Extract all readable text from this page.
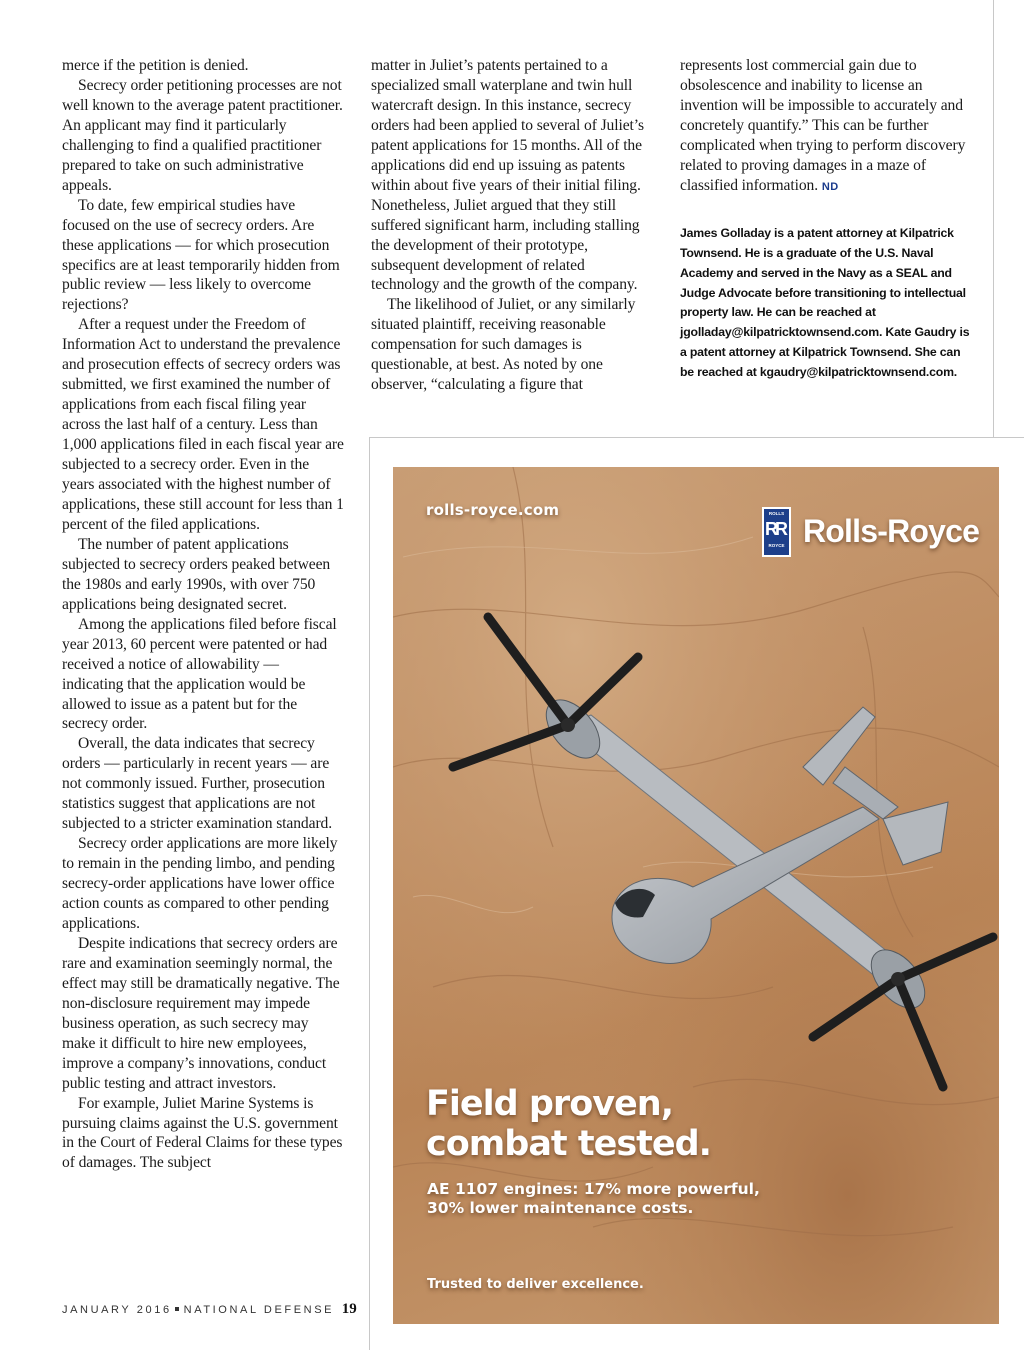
merce if the petition is denied.

Secrecy order petitioning processes are not well known to the average patent practitioner. An applicant may find it particularly challenging to find a qualified practitioner prepared to take on such administrative appeals.

To date, few empirical studies have focused on the use of secrecy orders. Are these applications — for which prosecution specifics are at least temporarily hidden from public review — less likely to overcome rejections?

After a request under the Freedom of Information Act to understand the prevalence and prosecution effects of secrecy orders was submitted, we first examined the number of applications from each fiscal filing year across the last half of a century. Less than 1,000 applications filed in each fiscal year are subjected to a secrecy order. Even in the years associated with the highest number of applications, these still account for less than 1 percent of the filed applications.

The number of patent applications subjected to secrecy orders peaked between the 1980s and early 1990s, with over 750 applications being designated secret.

Among the applications filed before fiscal year 2013, 60 percent were patented or had received a notice of allowability — indicating that the application would be allowed to issue as a patent but for the secrecy order.

Overall, the data indicates that secrecy orders — particularly in recent years — are not commonly issued. Further, prosecution statistics suggest that applications are not subjected to a stricter examination standard.

Secrecy order applications are more likely to remain in the pending limbo, and pending secrecy-order applications have lower office action counts as compared to other pending applications.

Despite indications that secrecy orders are rare and examination seemingly normal, the effect may still be dramatically negative. The non-disclosure requirement may impede business operation, as such secrecy may make it difficult to hire new employees, improve a company’s innovations, conduct public testing and attract investors.

For example, Juliet Marine Systems is pursuing claims against the U.S. government in the Court of Federal Claims for these types of damages. The subject

matter in Juliet’s patents pertained to a specialized small waterplane and twin hull watercraft design. In this instance, secrecy orders had been applied to several of Juliet’s patent applications for 15 months. All of the applications did end up issuing as patents within about five years of their initial filing. Nonetheless, Juliet argued that they still suffered significant harm, including stalling the development of their prototype, subsequent development of related technology and the growth of the company.

The likelihood of Juliet, or any similarly situated plaintiff, receiving reasonable compensation for such damages is questionable, at best. As noted by one observer, “calculating a figure that

represents lost commercial gain due to obsolescence and inability to license an invention will be impossible to accurately and concretely quantify.” This can be further complicated when trying to perform discovery related to proving damages in a maze of classified information. ND

James Golladay is a patent attorney at Kilpatrick Townsend. He is a graduate of the U.S. Naval Academy and served in the Navy as a SEAL and Judge Advocate before transitioning to intellectual property law. He can be reached at jgolladay@kilpatricktownsend.com. Kate Gaudry is a patent attorney at Kilpatrick Townsend. She can be reached at kgaudry@kilpatricktownsend.com.

JANUARY 2016 NATIONAL DEFENSE 19
rolls-royce.com	ROLLS
RR
ROYCE Rolls-Royce
Field proven,
combat tested.
AE 1107 engines: 17% more powerful,
30% lower maintenance costs.
Trusted to deliver excellence.
